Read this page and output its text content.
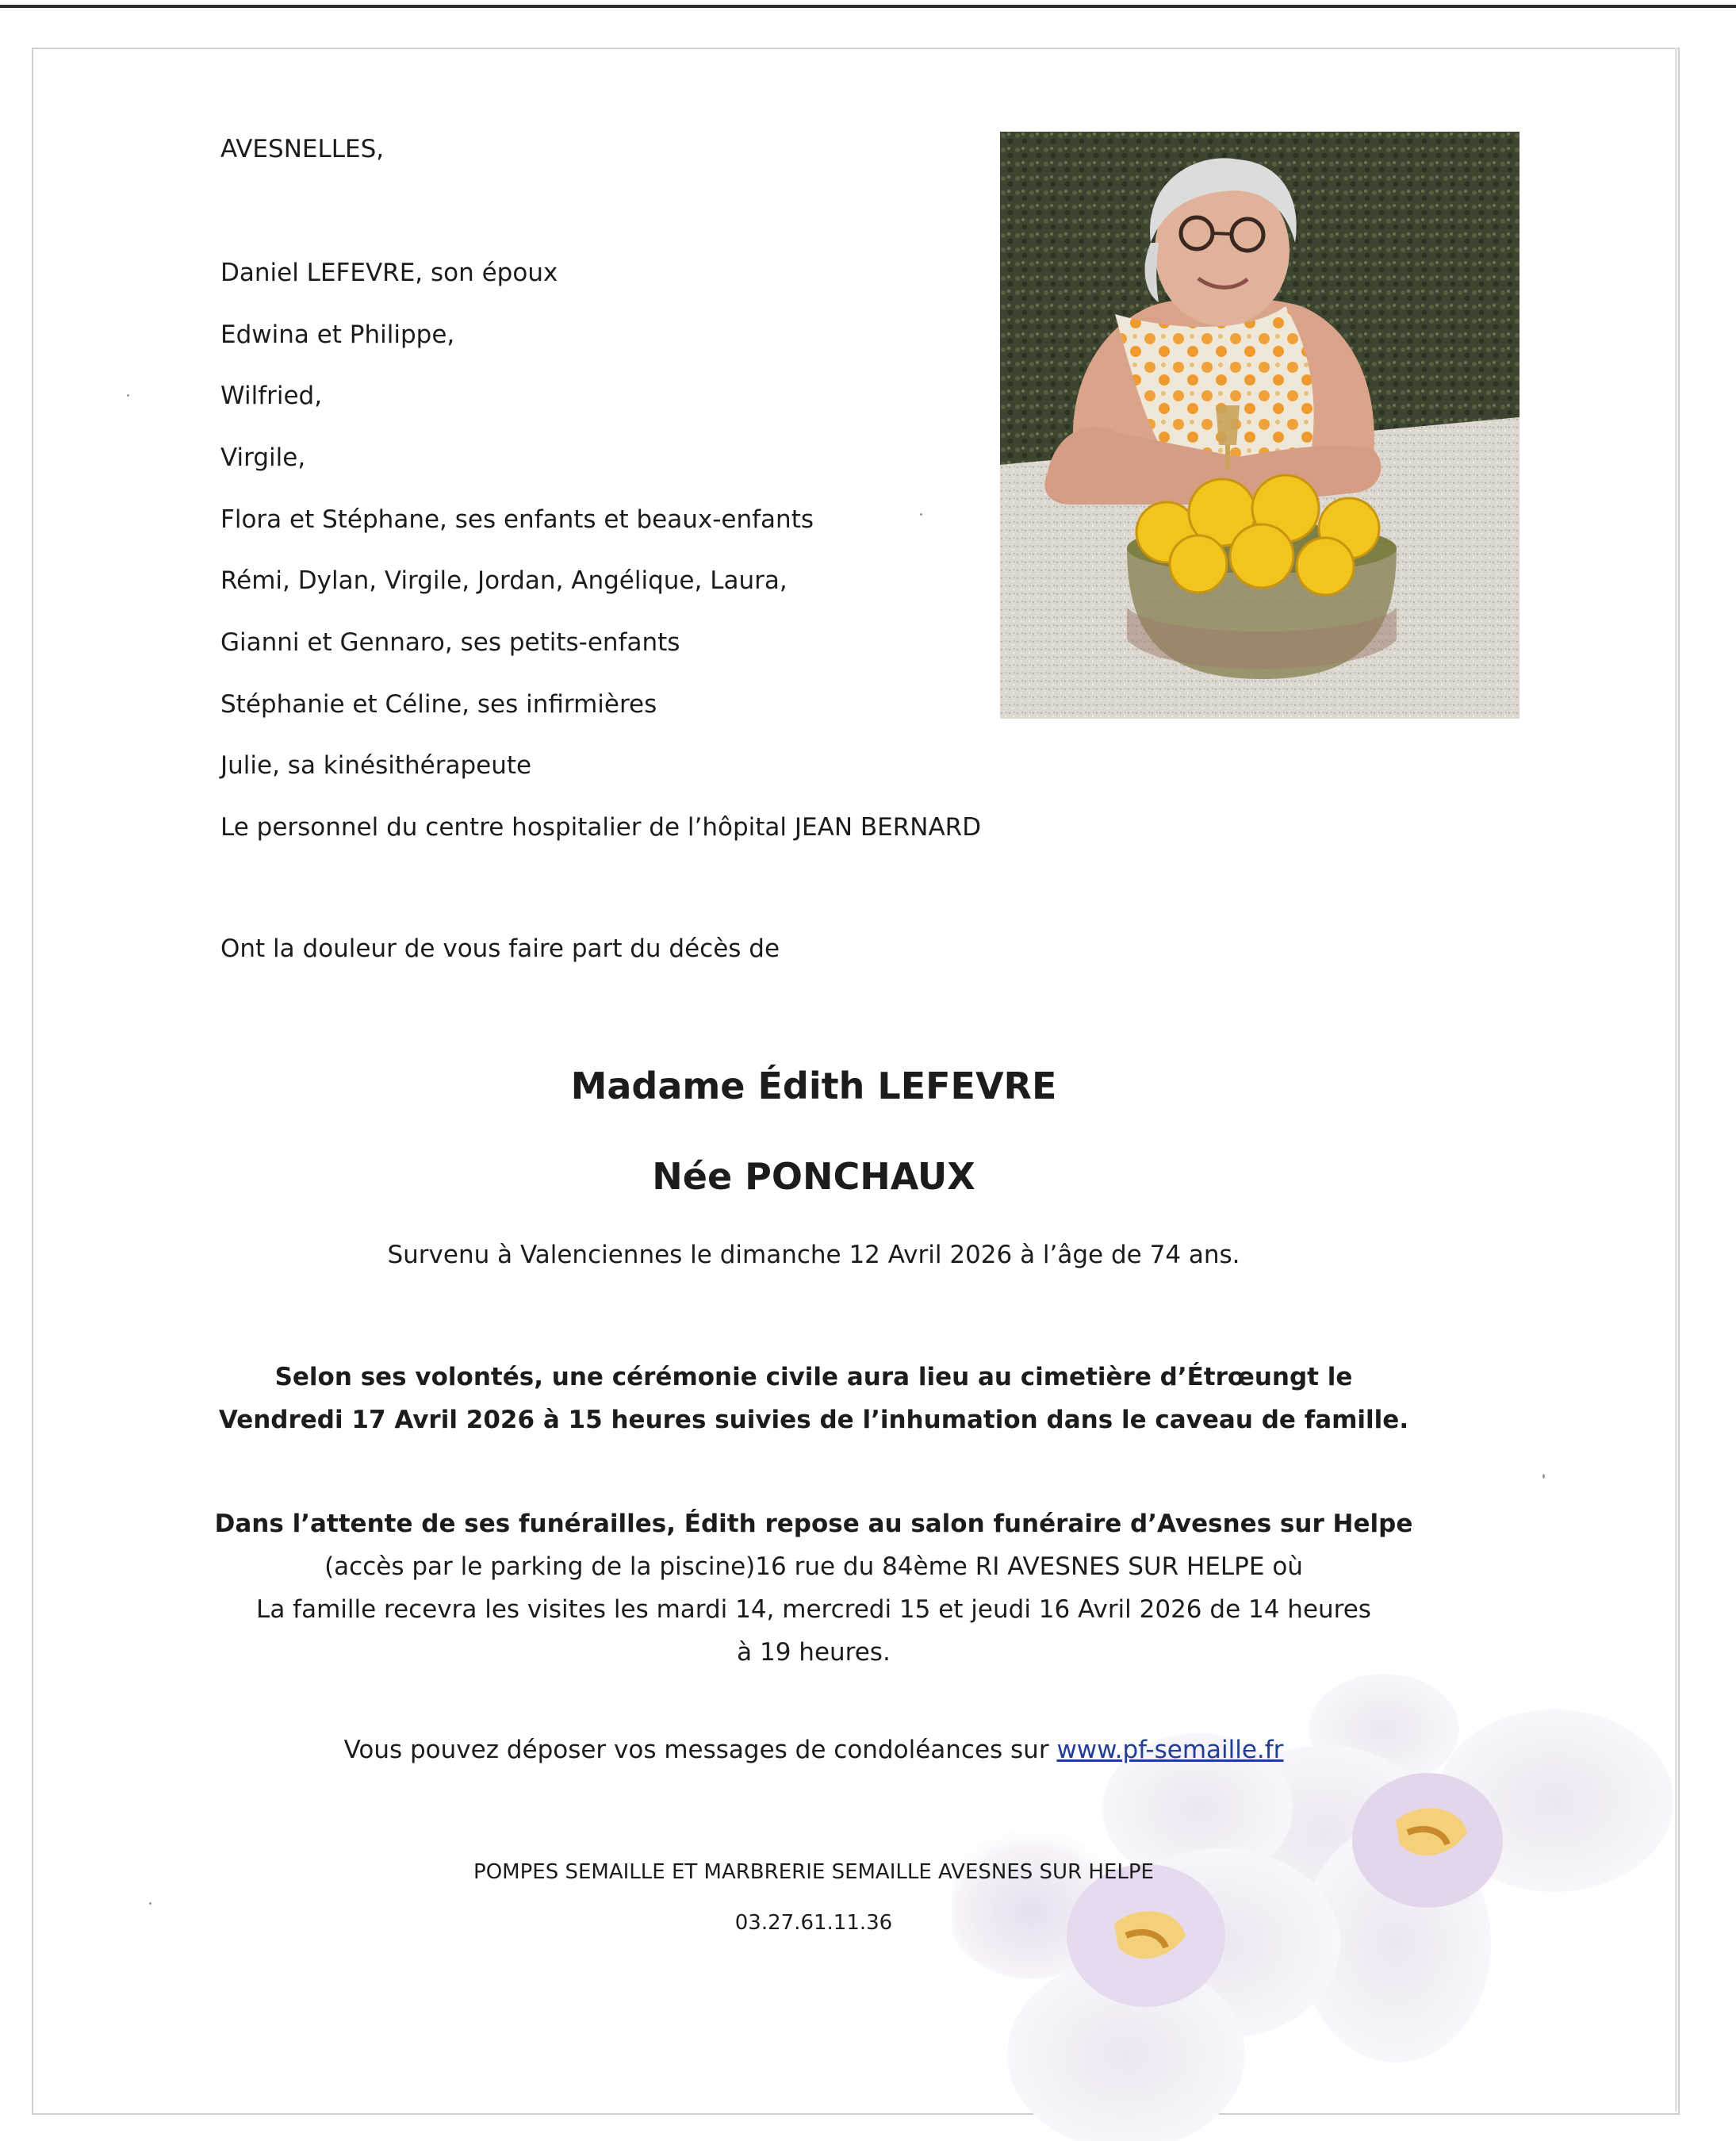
AVESNELLES,
Daniel LEFEVRE, son époux
Edwina et Philippe,
Wilfried,
Virgile,
Flora et Stéphane, ses enfants et beaux-enfants
Rémi, Dylan, Virgile, Jordan, Angélique, Laura,
Gianni et Gennaro, ses petits-enfants
Stéphanie et Céline, ses infirmières
Julie, sa kinésithérapeute
Le personnel du centre hospitalier de l’hôpital JEAN BERNARD
Ont la douleur de vous faire part du décès de
Madame Édith LEFEVRE
Née PONCHAUX
Survenu à Valenciennes le dimanche 12 Avril 2026 à l’âge de 74 ans.
Selon ses volontés, une cérémonie civile aura lieu au cimetière d’Étrœungt le
Vendredi 17 Avril 2026 à 15 heures suivies de l’inhumation dans le caveau de famille.
Dans l’attente de ses funérailles, Édith repose au salon funéraire d’Avesnes sur Helpe
(accès par le parking de la piscine)16 rue du 84ème RI AVESNES SUR HELPE où
La famille recevra les visites les mardi 14, mercredi 15 et jeudi 16 Avril 2026 de 14 heures
à 19 heures.
Vous pouvez déposer vos messages de condoléances sur www.pf-semaille.fr
POMPES SEMAILLE ET MARBRERIE SEMAILLE AVESNES SUR HELPE
03.27.61.11.36
